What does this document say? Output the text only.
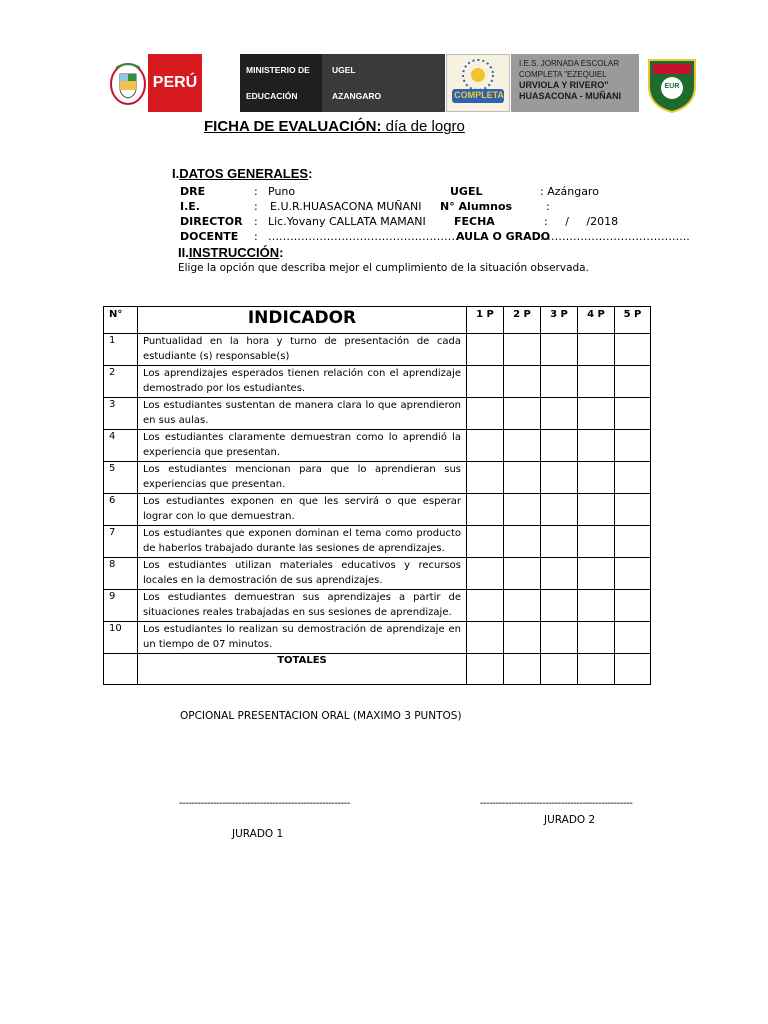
PERÚ
MINISTERIO DE
EDUCACIÓN
UGEL
AZANGARO	COMPLETA
I.E.S. JORNADA ESCOLAR
COMPLETA "EZEQUIEL
URVIOLA Y RIVERO"
HUASACONA - MUÑANI
EUR
FICHA DE EVALUACIÓN: día de logro
I.DATOS GENERALES:
DRE	: Puno	UGEL	: Azángaro
I.E.	: E.U.R.HUASACONA MUÑANI N° Alumnos	:
DIRECTOR : Lic.Yovany CALLATA MAMANI	FECHA	:     /     /2018
DOCENTE : …………………………………………….
AULA O GRADO
: ………………………………...
II.INSTRUCCIÓN:
Elige la opción que describa mejor el cumplimiento de la situación observada.
N°	INDICADOR	1 P	2 P	3 P	4 P	5 P
1	Puntualidad en la hora y turno de presentación de cada estudiante (s) responsable(s)					
2	Los aprendizajes esperados tienen relación con el aprendizaje demostrado por los estudiantes.					
3	Los estudiantes sustentan de manera clara lo que aprendieron en sus aulas.					
4	Los estudiantes claramente demuestran como lo aprendió la experiencia que presentan.					
5	Los estudiantes mencionan para que lo aprendieran sus experiencias que presentan.					
6	Los estudiantes exponen en que les servirá o que esperar lograr con lo que demuestran.					
7	Los estudiantes que exponen dominan el tema como producto de haberlos trabajado durante las sesiones de aprendizajes.					
8	Los estudiantes utilizan materiales educativos y recursos locales en la demostración de sus aprendizajes.					
9	Los estudiantes demuestran sus aprendizajes a partir de situaciones reales trabajadas en sus sesiones de aprendizaje.					
10	Los estudiantes lo realizan su demostración de aprendizaje en un tiempo de 07 minutos.					
	TOTALES					
OPCIONAL PRESENTACION ORAL (MAXIMO 3 PUNTOS)
-------------------------------------------------------	-------------------------------------------------
JURADO 1
JURADO 2
